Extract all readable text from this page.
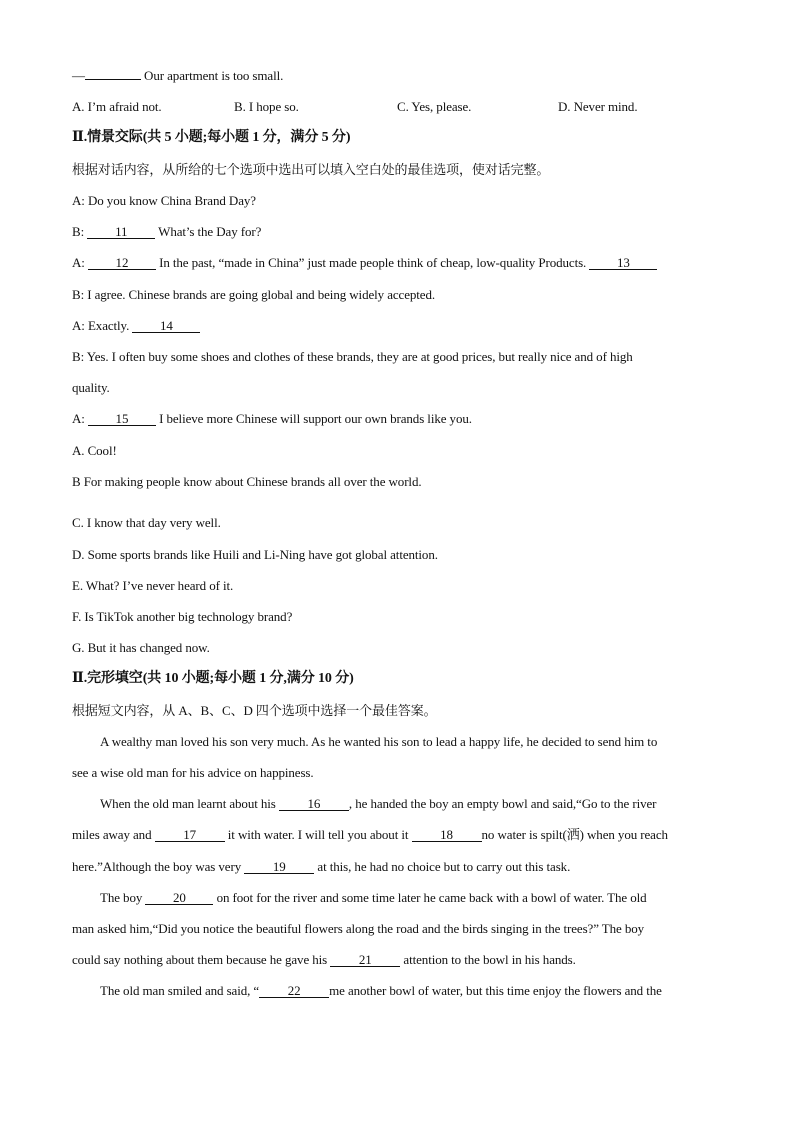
—	Our apartment is too small.
A. I’m afraid not.	B. I hope so.	C. Yes, please.	D. Never mind.
Ⅱ.情景交际(共 5 小题;每小题 1 分，满分 5 分)
根据对话内容，从所给的七个选项中选出可以填入空白处的最佳选项，使对话完整。
A: Do you know China Brand Day?
B: 11 What’s the Day for?
A: 12 In the past, “made in China” just made people think of cheap, low-quality Products. 13
B: I agree. Chinese brands are going global and being widely accepted.
A: Exactly. 14
B: Yes. I often buy some shoes and clothes of these brands, they are at good prices, but really nice and of high
quality.
A: 15 I believe more Chinese will support our own brands like you.
A. Cool!
B For making people know about Chinese brands all over the world.
C. I know that day very well.
D. Some sports brands like Huili and Li-Ning have got global attention.
E. What? I’ve never heard of it.
F. Is TikTok another big technology brand?
G. But it has changed now.
Ⅱ.完形填空(共 10 小题;每小题 1 分,满分 10 分)
根据短文内容，从 A、B、C、D 四个选项中选择一个最佳答案。
A wealthy man loved his son very much. As he wanted his son to lead a happy life, he decided to send him to
see a wise old man for his advice on happiness.
When the old man learnt about his 16 , he handed the boy an empty bowl and said,“Go to the river
miles away and 17 it with water. I will tell you about it 18 no water is spilt(洒) when you reach
here.”Although the boy was very 19 at this, he had no choice but to carry out this task.
The boy 20 on foot for the river and some time later he came back with a bowl of water. The old
man asked him,“Did you notice the beautiful flowers along the road and the birds singing in the trees?” The boy
could say nothing about them because he gave his 21 attention to the bowl in his hands.
The old man smiled and said, “ 22 me another bowl of water, but this time enjoy the flowers and the
